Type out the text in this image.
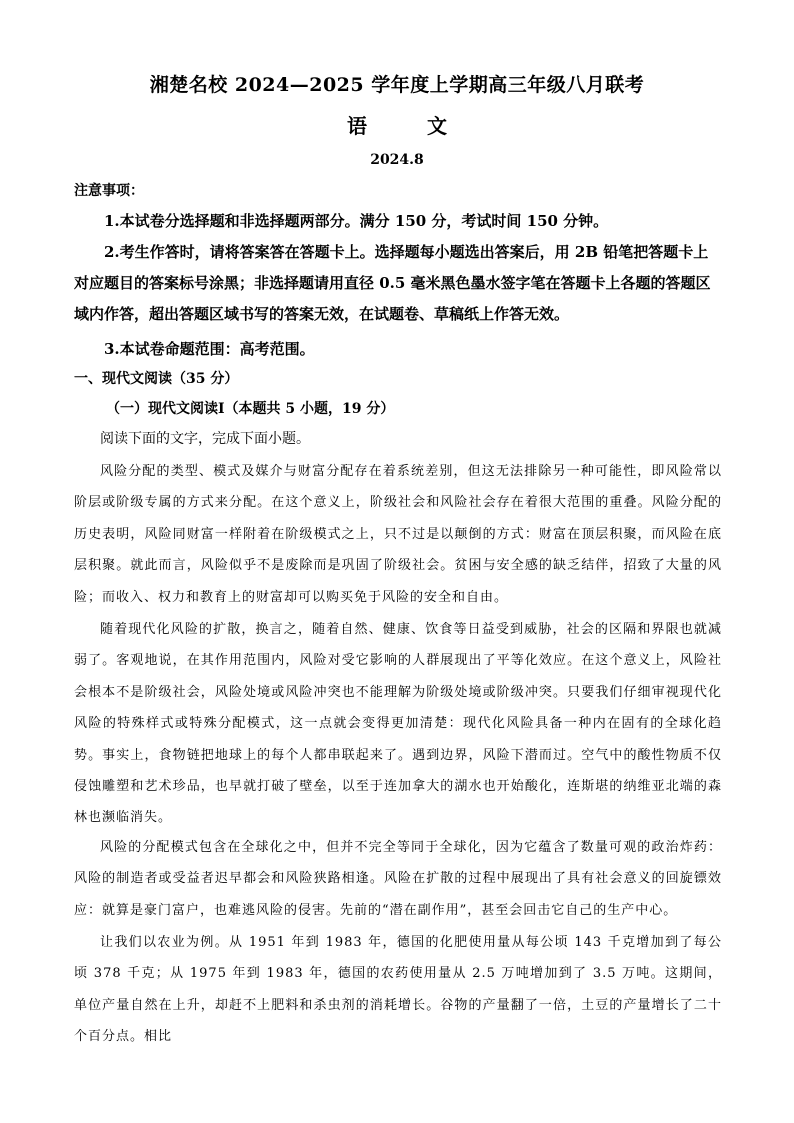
湘楚名校 2024—2025 学年度上学期高三年级八月联考
语	文
2024.8
注意事项：

1.本试卷分选择题和非选择题两部分。满分 150 分，考试时间 150 分钟。

2.考生作答时，请将答案答在答题卡上。选择题每小题选出答案后，用 2B 铅笔把答题卡上对应题目的答案标号涂黑；非选择题请用直径 0.5 毫米黑色墨水签字笔在答题卡上各题的答题区域内作答，超出答题区域书写的答案无效，在试题卷、草稿纸上作答无效。

3.本试卷命题范围：高考范围。

一、现代文阅读（35 分）
（一）现代文阅读Ⅰ（本题共 5 小题，19 分）
阅读下面的文字，完成下面小题。

风险分配的类型、模式及媒介与财富分配存在着系统差别，但这无法排除另一种可能性，即风险常以阶层或阶级专属的方式来分配。在这个意义上，阶级社会和风险社会存在着很大范围的重叠。风险分配的历史表明，风险同财富一样附着在阶级模式之上，只不过是以颠倒的方式：财富在顶层积聚，而风险在底层积聚。就此而言，风险似乎不是废除而是巩固了阶级社会。贫困与安全感的缺乏结伴，招致了大量的风险；而收入、权力和教育上的财富却可以购买免于风险的安全和自由。

随着现代化风险的扩散，换言之，随着自然、健康、饮食等日益受到威胁，社会的区隔和界限也就减弱了。客观地说，在其作用范围内，风险对受它影响的人群展现出了平等化效应。在这个意义上，风险社会根本不是阶级社会，风险处境或风险冲突也不能理解为阶级处境或阶级冲突。只要我们仔细审视现代化风险的特殊样式或特殊分配模式，这一点就会变得更加清楚：现代化风险具备一种内在固有的全球化趋势。事实上，食物链把地球上的每个人都串联起来了。遇到边界，风险下潜而过。空气中的酸性物质不仅侵蚀雕塑和艺术珍品，也早就打破了壁垒，以至于连加拿大的湖水也开始酸化，连斯堪的纳维亚北端的森林也濒临消失。

风险的分配模式包含在全球化之中，但并不完全等同于全球化，因为它蕴含了数量可观的政治炸药：风险的制造者或受益者迟早都会和风险狭路相逢。风险在扩散的过程中展现出了具有社会意义的回旋镖效应：就算是豪门富户，也难逃风险的侵害。先前的“潜在副作用”，甚至会回击它自己的生产中心。

让我们以农业为例。从 1951 年到 1983 年，德国的化肥使用量从每公顷 143 千克增加到了每公顷 378 千克；从 1975 年到 1983 年，德国的农药使用量从 2.5 万吨增加到了 3.5 万吨。这期间，单位产量自然在上升，却赶不上肥料和杀虫剂的消耗增长。谷物的产量翻了一倍，土豆的产量增长了二十个百分点。相比
